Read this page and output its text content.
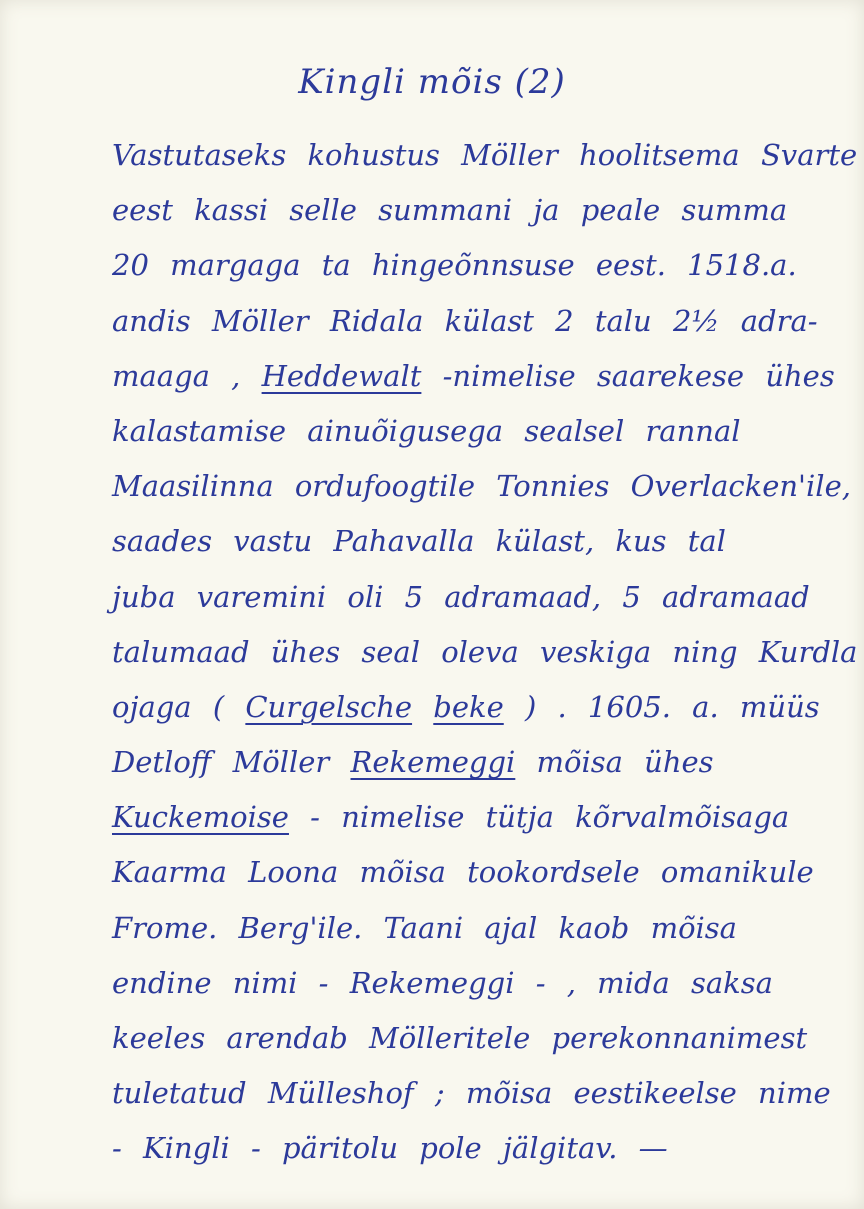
Kingli mõis (2)
Vastutaseks kohustus Möller hoolitsema Svarte
eest kassi selle summani ja peale summa
20 margaga ta hingeõnnsuse eest. 1518.a.
andis Möller Ridala külast 2 talu 2½ adra-
maaga , Heddewalt -nimelise saarekese ühes
kalastamise ainuõigusega sealsel rannal
Maasilinna ordufoogtile Tonnies Overlacken'ile,
saades vastu Pahavalla külast, kus tal
juba varemini oli 5 adramaad, 5 adramaad
talumaad ühes seal oleva veskiga ning Kurdla
ojaga ( Curgelsche beke ) . 1605. a. müüs
Detloff Möller Rekemeggi mõisa ühes
Kuckemoise - nimelise tütja kõrvalmõisaga
Kaarma Loona mõisa tookordsele omanikule
Frome. Berg'ile. Taani ajal kaob mõisa
endine nimi - Rekemeggi - , mida saksa
keeles arendab Mölleritele perekonnanimest
tuletatud Mülleshof ; mõisa eestikeelse nime
- Kingli - päritolu pole jälgitav. —
